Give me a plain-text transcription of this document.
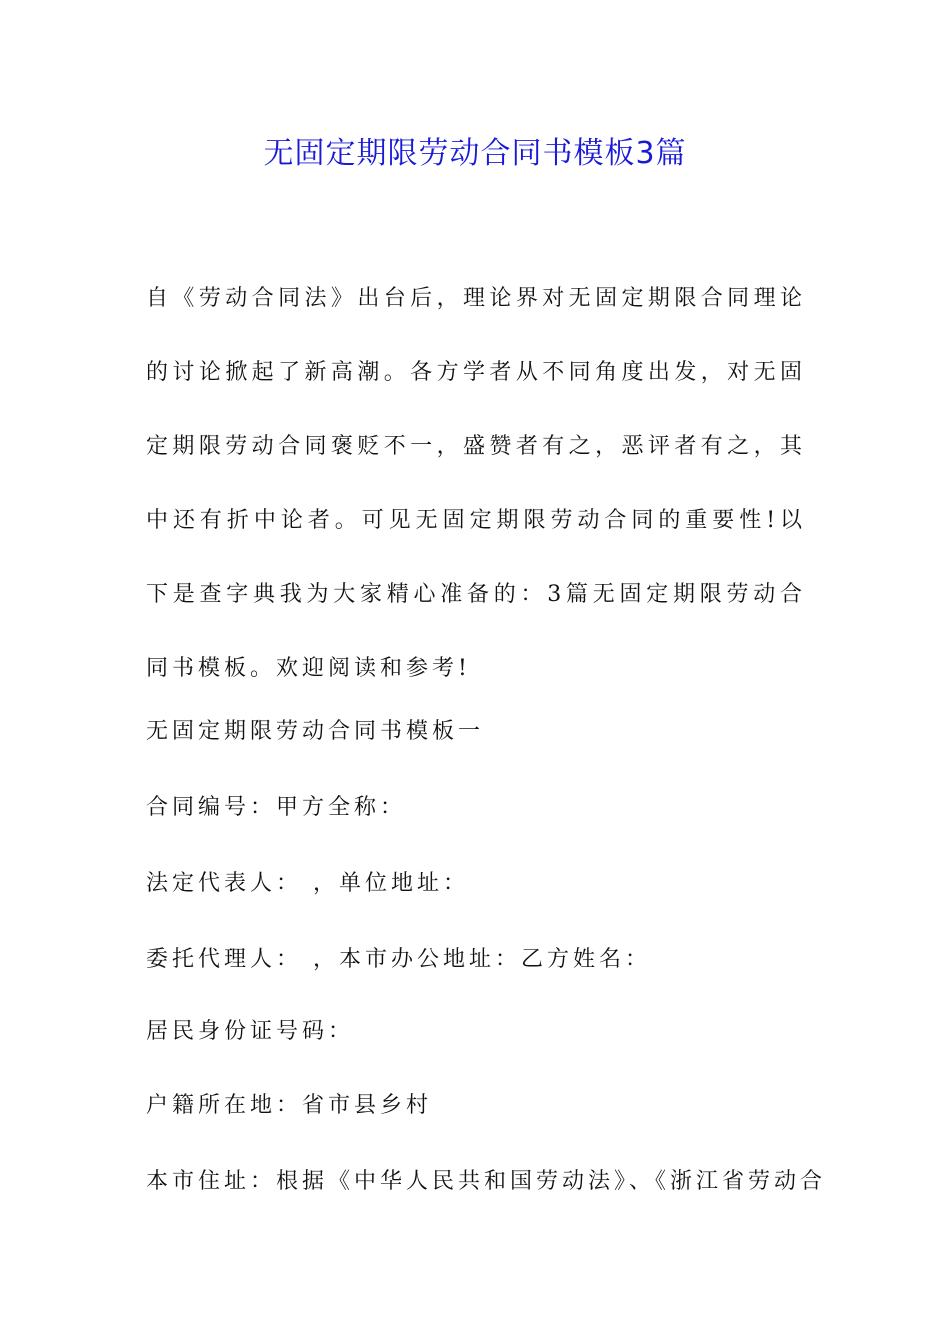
无固定期限劳动合同书模板3篇

自《劳动合同法》出台后，理论界对无固定期限合同理论的讨论掀起了新高潮。各方学者从不同角度出发，对无固定期限劳动合同褒贬不一，盛赞者有之，恶评者有之，其中还有折中论者。可见无固定期限劳动合同的重要性!以下是查字典我为大家精心准备的：3篇无固定期限劳动合同书模板。欢迎阅读和参考!

无固定期限劳动合同书模板一

合同编号：甲方全称：

法定代表人： ，单位地址：

委托代理人： ，本市办公地址：乙方姓名：

居民身份证号码：

户籍所在地：省市县乡村

本市住址：根据《中华人民共和国劳动法》、《浙江省劳动合
